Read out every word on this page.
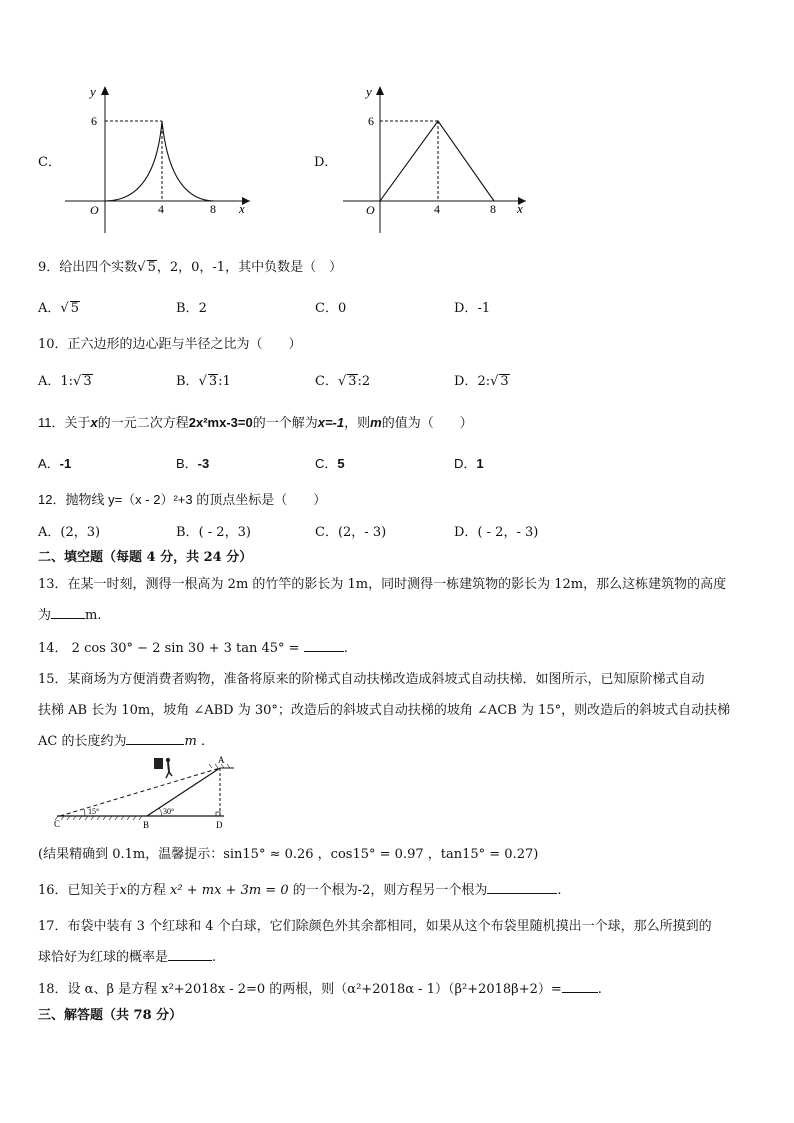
C．
y
6
O	4	8 x
D．
y
6
O	4	8 x
9．给出四个实数√ 5，2，0，-1，其中负数是（　）
A．√ 5	B．2	C．0	D．-1
10．正六边形的边心距与半径之比为（　　）
A．1:√ 3	B．√ 3:1	C．√ 3:2	D．2:√ 3
11．关于x的一元二次方程2x²mx-3=0的一个解为x=-1，则m的值为（　　）
A．-1	B．-3	C．5	D．1
12．抛物线 y=（x - 2）²+3 的顶点坐标是（　　）
A．(2，3)	B．( - 2，3)	C．(2，- 3)	D．( - 2，- 3)
二、填空题（每题 4 分，共 24 分）
13．在某一时刻，测得一根高为 2m 的竹竿的影长为 1m，同时测得一栋建筑物的影长为 12m，那么这栋建筑物的高度
为	m.
14． 2 cos 30° − 2 sin 30 + 3 tan 45° =	.
15．某商场为方便消费者购物，准备将原来的阶梯式自动扶梯改造成斜坡式自动扶梯．如图所示，已知原阶梯式自动
扶梯 AB 长为 10m，坡角 ∠ABD 为 30°；改造后的斜坡式自动扶梯的坡角 ∠ACB 为 15°，则改造后的斜坡式自动扶梯
AC 的长度约为	m ．
A
C	B	D
15°	30°
(结果精确到 0.1m，温馨提示：sin15° ≈ 0.26 ，cos15° = 0.97 ，tan15° = 0.27)
16．已知关于x的方程 x² + mx + 3m = 0 的一个根为-2，则方程另一个根为	.
17．布袋中装有 3 个红球和 4 个白球，它们除颜色外其余都相同，如果从这个布袋里随机摸出一个球，那么所摸到的
球恰好为红球的概率是	.
18．设 α、β 是方程 x²+2018x - 2=0 的两根，则（α²+2018α - 1）（β²+2018β+2）=	.
三、解答题（共 78 分）
